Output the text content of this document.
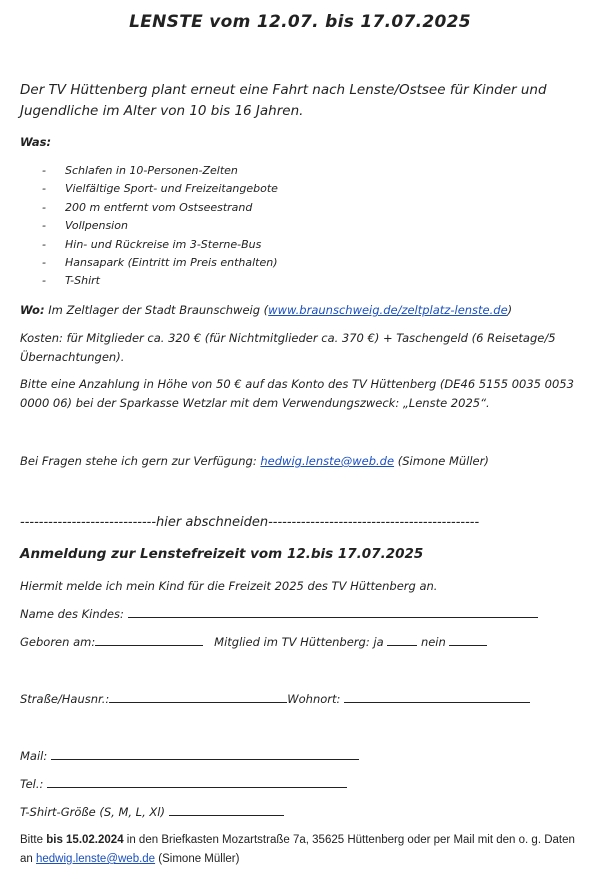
LENSTE vom 12.07. bis 17.07.2025
Der TV Hüttenberg plant erneut eine Fahrt nach Lenste/Ostsee für Kinder und Jugendliche im Alter von 10 bis 16 Jahren.
Was:
- Schlafen in 10-Personen-Zelten
- Vielfältige Sport- und Freizeitangebote
- 200 m entfernt vom Ostseestrand
- Vollpension
- Hin- und Rückreise im 3-Sterne-Bus
- Hansapark (Eintritt im Preis enthalten)
- T-Shirt
Wo: Im Zeltlager der Stadt Braunschweig (www.braunschweig.de/zeltplatz-lenste.de)
Kosten: für Mitglieder ca. 320 € (für Nichtmitglieder ca. 370 €) + Taschengeld (6 Reisetage/5 Übernachtungen).
Bitte eine Anzahlung in Höhe von 50 € auf das Konto des TV Hüttenberg (DE46 5155 0035 0053 0000 06) bei der Sparkasse Wetzlar mit dem Verwendungszweck: „Lenste 2025“.
Bei Fragen stehe ich gern zur Verfügung: hedwig.lenste@web.de (Simone Müller)
-----------------------------hier abschneiden---------------------------------------------
Anmeldung zur Lenstefreizeit vom 12.bis 17.07.2025
Hiermit melde ich mein Kind für die Freizeit 2025 des TV Hüttenberg an.
Name des Kindes:
Geboren am:	Mitglied im TV Hüttenberg: ja	nein
Straße/Hausnr.:	Wohnort:
Mail:
Tel.:
T-Shirt-Größe (S, M, L, Xl)
Bitte bis 15.02.2024 in den Briefkasten Mozartstraße 7a, 35625 Hüttenberg oder per Mail mit den o. g. Daten an hedwig.lenste@web.de (Simone Müller)
